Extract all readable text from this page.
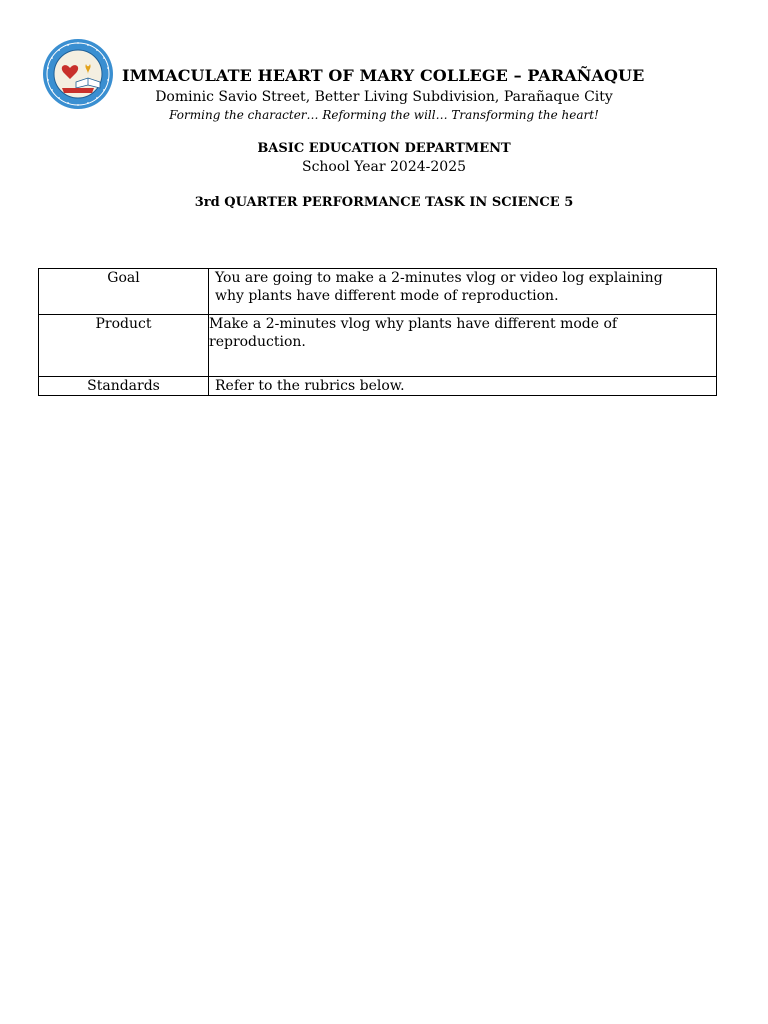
IMMACULATE HEART OF MARY COLLEGE – PARAÑAQUE
Dominic Savio Street, Better Living Subdivision, Parañaque City
Forming the character… Reforming the will… Transforming the heart!
BASIC EDUCATION DEPARTMENT
School Year 2024-2025
3rd QUARTER PERFORMANCE TASK IN SCIENCE 5
Goal	You are going to make a 2-minutes vlog or video log explaining
why plants have different mode of reproduction.

Product	Make a 2-minutes vlog why plants have different mode of
reproduction.

Standards	Refer to the rubrics below.
